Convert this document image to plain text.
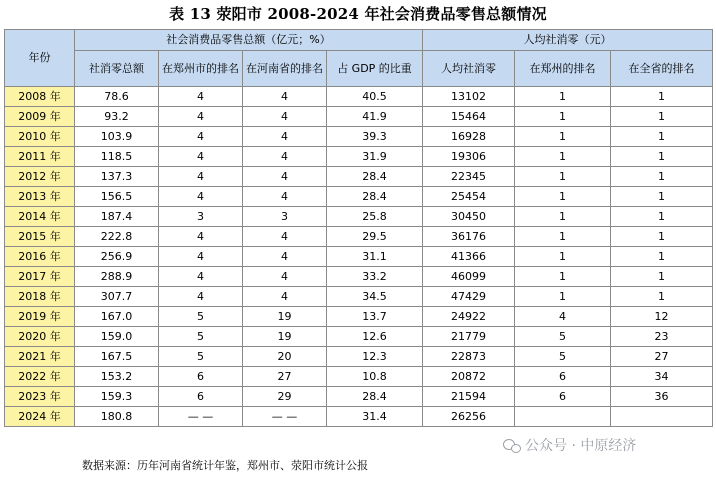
表 13 荥阳市 2008-2024 年社会消费品零售总额情况
年份	社会消费品零售总额（亿元；%）				人均社消零（元）		
	社消零总额	在郑州市的排名	在河南省的排名	占 GDP 的比重	人均社消零	在郑州的排名	在全省的排名
2008 年	78.6	4	4	40.5	13102	1	1
2009 年	93.2	4	4	41.9	15464	1	1
2010 年	103.9	4	4	39.3	16928	1	1
2011 年	118.5	4	4	31.9	19306	1	1
2012 年	137.3	4	4	28.4	22345	1	1
2013 年	156.5	4	4	28.4	25454	1	1
2014 年	187.4	3	3	25.8	30450	1	1
2015 年	222.8	4	4	29.5	36176	1	1
2016 年	256.9	4	4	31.1	41366	1	1
2017 年	288.9	4	4	33.2	46099	1	1
2018 年	307.7	4	4	34.5	47429	1	1
2019 年	167.0	5	19	13.7	24922	4	12
2020 年	159.0	5	19	12.6	21779	5	23
2021 年	167.5	5	20	12.3	22873	5	27
2022 年	153.2	6	27	10.8	20872	6	34
2023 年	159.3	6	29	28.4	21594	6	36
2024 年	180.8	— —	— —	31.4	26256		
数据来源：历年河南省统计年鉴，郑州市、荥阳市统计公报
公众号 · 中原经济
